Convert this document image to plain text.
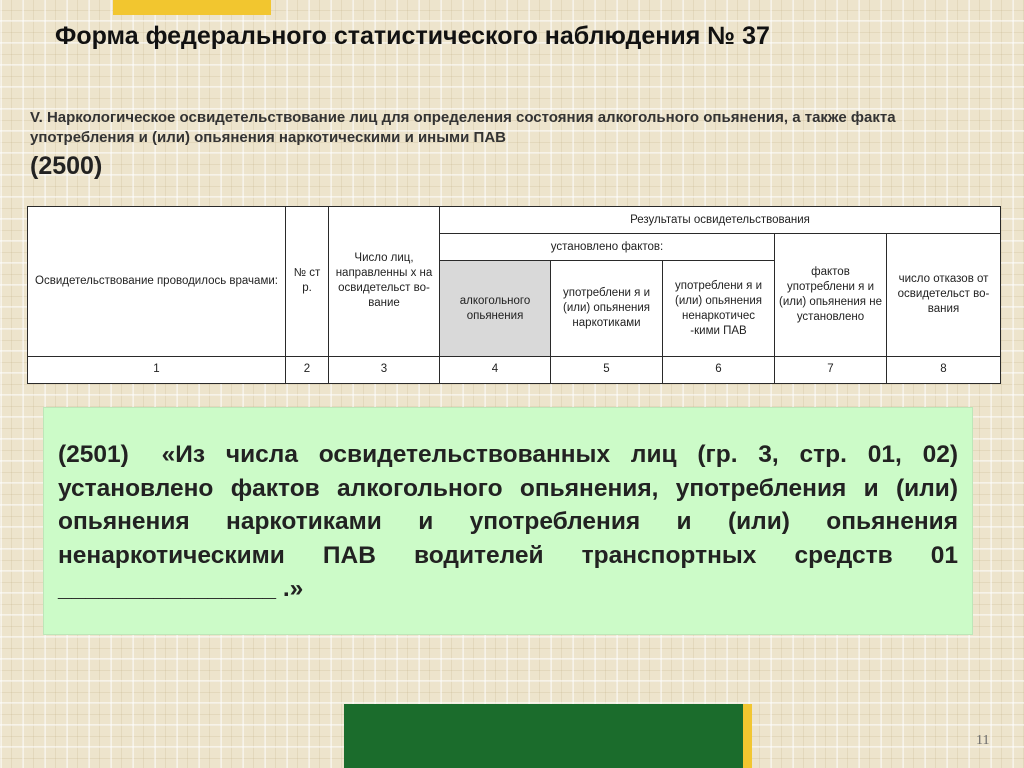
Форма федерального статистического наблюдения № 37
V. Наркологическое освидетельствование лиц для определения состояния алкогольного опьянения, а также факта употребления и (или) опьянения наркотическими и иными ПАВ
(2500)
Освидетельствование проводилось врачами:	№ ст р.	Число лиц, направленны х на освидетельст во-вание	Результаты освидетельствования				
			установлено фактов:			фактов употреблени я и (или) опьянения не установлено	число отказов от освидетельст во-вания
			алкогольного опьянения	употреблени я и (или) опьянения наркотиками	употреблени я и (или) опьянения ненаркотичес -кими ПАВ		
1	2	3	4	5	6	7	8
(2501) «Из числа освидетельствованных лиц (гр. 3, стр. 01, 02) установлено фактов алкогольного опьянения, употребления и (или) опьянения наркотиками и употребления и (или) опьянения ненаркотическими ПАВ водителей транспортных средств 01 ________________ .»
11
